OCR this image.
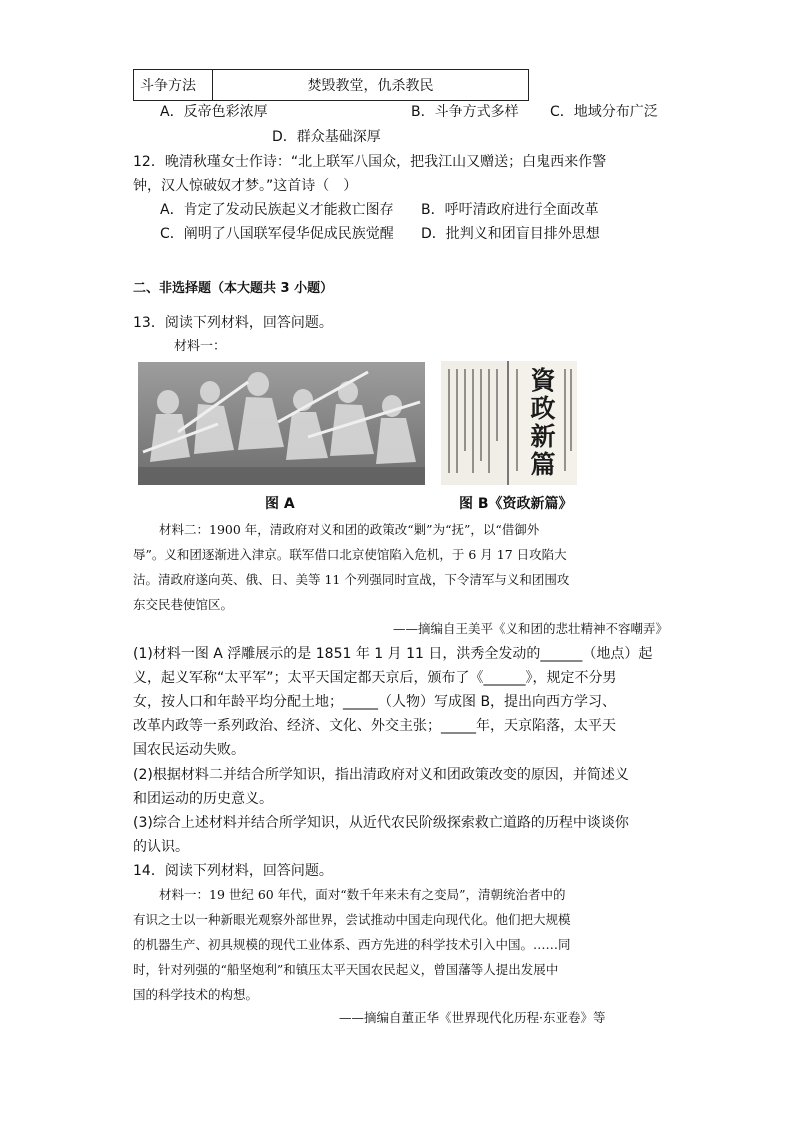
斗争方法	焚毁教堂，仇杀教民
A．反帝色彩浓厚	B．斗争方式多样 C．地域分布广泛
D．群众基础深厚
12．晚清秋瑾女士作诗：“北上联军八国众，把我江山又赠送；白鬼西来作警
钟，汉人惊破奴才梦。”这首诗（　）
A．肯定了发动民族起义才能救亡图存 B．呼吁清政府进行全面改革
C．阐明了八国联军侵华促成民族觉醒 D．批判义和团盲目排外思想
二、非选择题（本大题共 3 小题）
13．阅读下列材料，回答问题。
材料一：
資政新篇
图 A	图 B《资政新篇》
材料二：1900 年，清政府对义和团的政策改“剿”为“抚”，以“借御外
辱”。义和团逐渐进入津京。联军借口北京使馆陷入危机，于 6 月 17 日攻陷大
沽。清政府遂向英、俄、日、美等 11 个列强同时宣战，下令清军与义和团围攻
东交民巷使馆区。
——摘编自王美平《义和团的悲壮精神不容嘲弄》
(1)材料一图 A 浮雕展示的是 1851 年 1 月 11 日，洪秀全发动的______（地点）起
义，起义军称“太平军”；太平天国定都天京后，颁布了《______》，规定不分男
女，按人口和年龄平均分配土地；_____（人物）写成图 B，提出向西方学习、
改革内政等一系列政治、经济、文化、外交主张；_____年，天京陷落，太平天
国农民运动失败。
(2)根据材料二并结合所学知识，指出清政府对义和团政策改变的原因，并简述义
和团运动的历史意义。
(3)综合上述材料并结合所学知识，从近代农民阶级探索救亡道路的历程中谈谈你
的认识。
14．阅读下列材料，回答问题。
材料一：19 世纪 60 年代，面对“数千年来未有之变局”，清朝统治者中的
有识之士以一种新眼光观察外部世界，尝试推动中国走向现代化。他们把大规模
的机器生产、初具规模的现代工业体系、西方先进的科学技术引入中国。……同
时，针对列强的“船坚炮利”和镇压太平天国农民起义，曾国藩等人提出发展中
国的科学技术的构想。
——摘编自董正华《世界现代化历程·东亚卷》等
